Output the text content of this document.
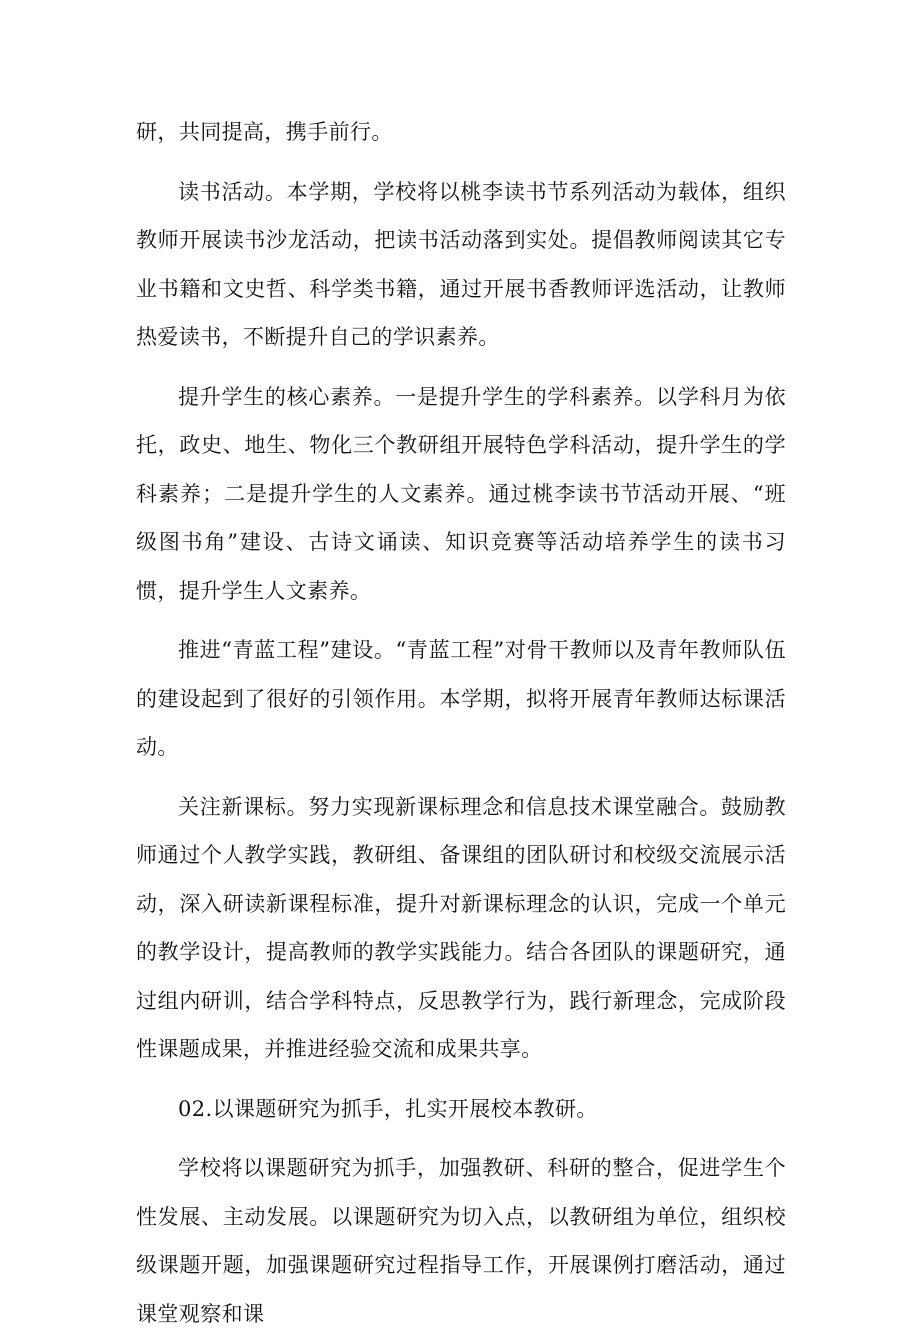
研，共同提高，携手前行。

读书活动。本学期，学校将以桃李读书节系列活动为载体，组织教师开展读书沙龙活动，把读书活动落到实处。提倡教师阅读其它专业书籍和文史哲、科学类书籍，通过开展书香教师评选活动，让教师热爱读书，不断提升自己的学识素养。

提升学生的核心素养。一是提升学生的学科素养。以学科月为依托，政史、地生、物化三个教研组开展特色学科活动，提升学生的学科素养；二是提升学生的人文素养。通过桃李读书节活动开展、“班级图书角”建设、古诗文诵读、知识竞赛等活动培养学生的读书习惯，提升学生人文素养。

推进“青蓝工程”建设。“青蓝工程”对骨干教师以及青年教师队伍的建设起到了很好的引领作用。本学期，拟将开展青年教师达标课活动。

关注新课标。努力实现新课标理念和信息技术课堂融合。鼓励教师通过个人教学实践，教研组、备课组的团队研讨和校级交流展示活动，深入研读新课程标准，提升对新课标理念的认识，完成一个单元的教学设计，提高教师的教学实践能力。结合各团队的课题研究，通过组内研训，结合学科特点，反思教学行为，践行新理念，完成阶段性课题成果，并推进经验交流和成果共享。

02.以课题研究为抓手，扎实开展校本教研。

学校将以课题研究为抓手，加强教研、科研的整合，促进学生个性发展、主动发展。以课题研究为切入点，以教研组为单位，组织校级课题开题，加强课题研究过程指导工作，开展课例打磨活动，通过课堂观察和课
